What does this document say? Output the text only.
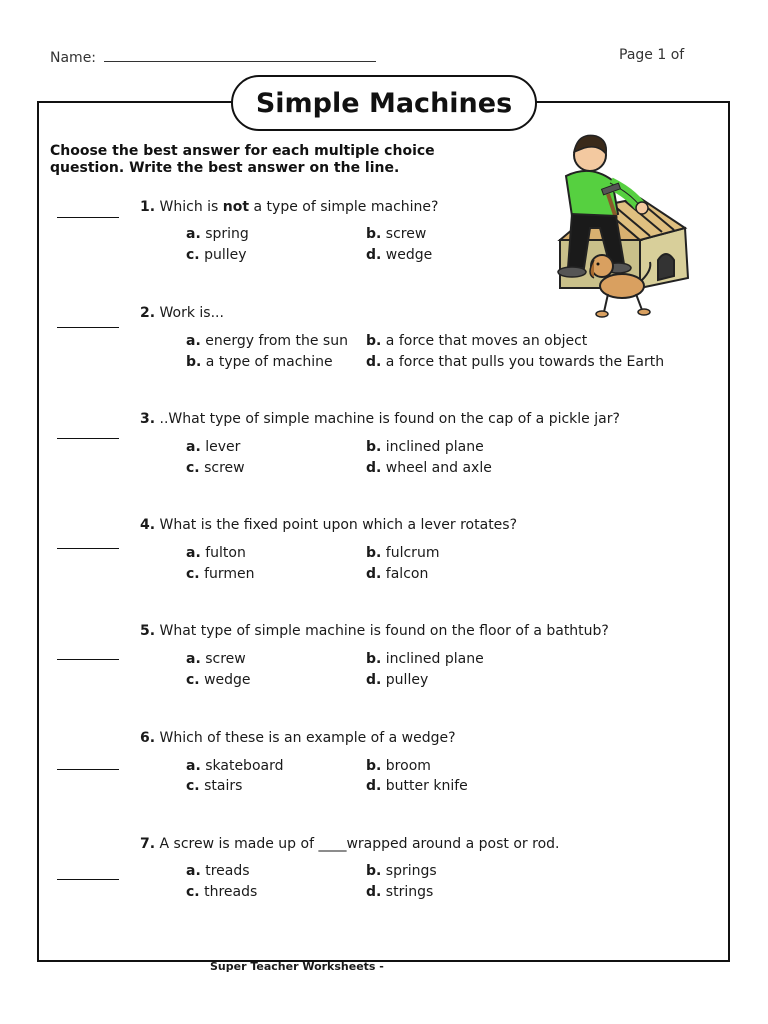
Name:	Page 1 of
Simple Machines
Choose the best answer for each multiple choice question. Write the best answer on the line.
1. Which is not a type of simple machine?
a. spring	b. screw
c. pulley	d. wedge
2. Work is...
a. energy from the sun b. a force that moves an object
b. a type of machine d. a force that pulls you towards the Earth
3. ..What type of simple machine is found on the cap of a pickle jar?
a. lever	b. inclined plane
c. screw	d. wheel and axle
4. What is the fixed point upon which a lever rotates?
a. fulton	b. fulcrum
c. furmen	d. falcon
5. What type of simple machine is found on the floor of a bathtub?
a. screw	b. inclined plane
c. wedge	d. pulley
6. Which of these is an example of a wedge?
a. skateboard	b. broom
c. stairs	d. butter knife
7. A screw is made up of ____wrapped around a post or rod.
a. treads	b. springs
c. threads	d. strings
Super Teacher Worksheets -
